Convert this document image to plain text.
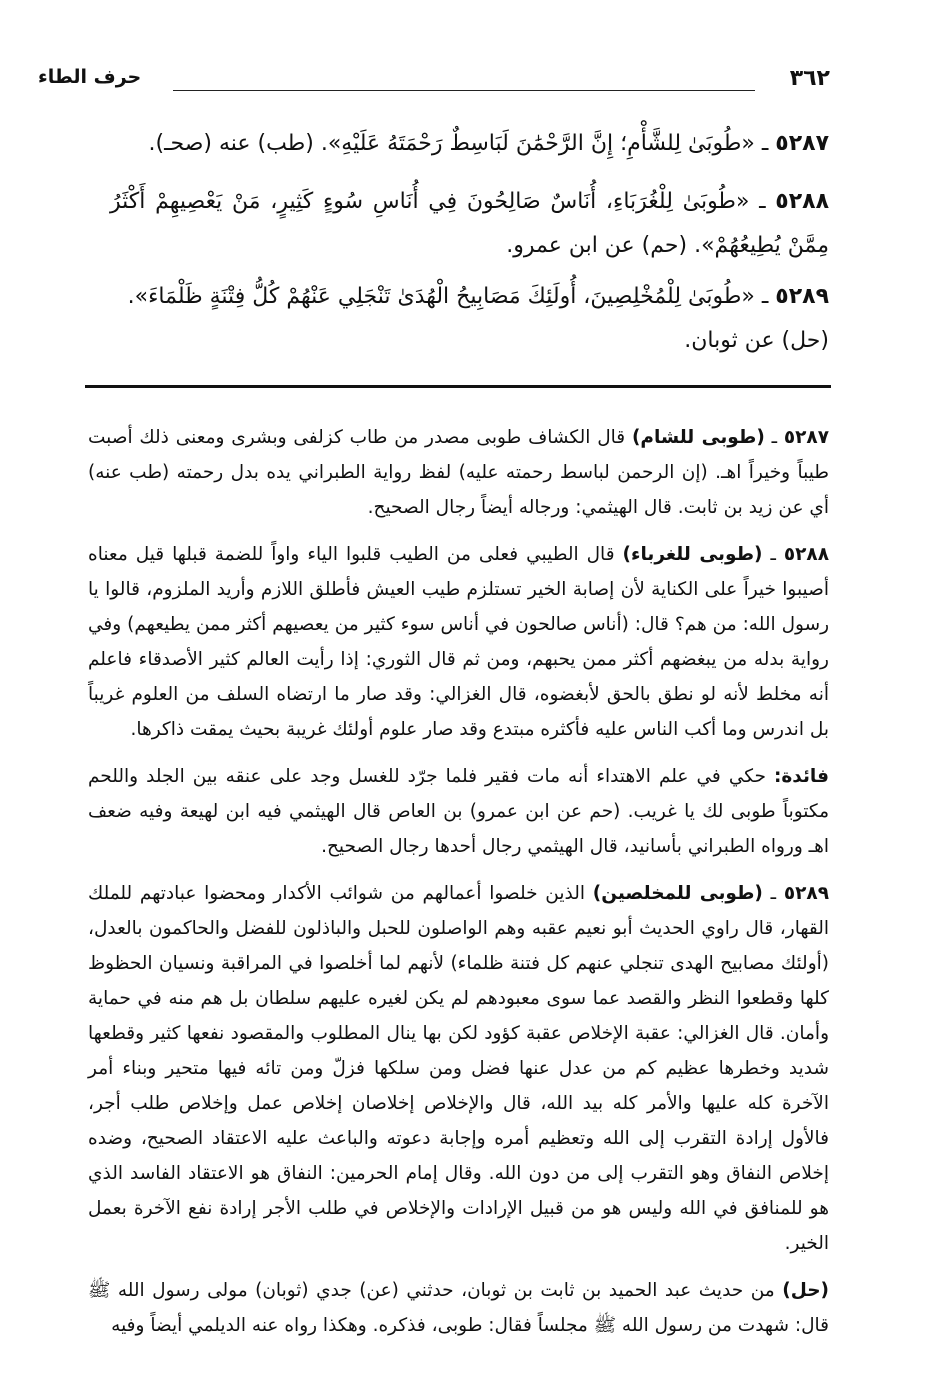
٣٦٢
حرف الطاء
٥٢٨٧ ـ «طُوبَىٰ لِلشَّأْمِ؛ إِنَّ الرَّحْمَٰنَ لَبَاسِطٌ رَحْمَتَهُ عَلَيْهِ». (طب) عنه (صحـ).
٥٢٨٨ ـ «طُوبَىٰ لِلْغُرَبَاءِ، أُنَاسٌ صَالِحُونَ فِي أُنَاسِ سُوءٍ كَثِيرٍ، مَنْ يَعْصِيهِمْ أَكْثَرُ مِمَّنْ يُطِيعُهُمْ». (حم) عن ابن عمرو.
٥٢٨٩ ـ «طُوبَىٰ لِلْمُخْلِصِينَ، أُولَئِكَ مَصَابِيحُ الْهُدَىٰ تَنْجَلِي عَنْهُمْ كُلُّ فِتْنَةٍ ظَلْمَاءَ».
(حل) عن ثوبان.

٥٢٨٧ ـ (طوبى للشام) قال الكشاف طوبى مصدر من طاب كزلفى وبشرى ومعنى ذلك أصبت طيباً وخيراً اهـ. (إن الرحمن لباسط رحمته عليه) لفظ رواية الطبراني يده بدل رحمته (طب عنه) أي عن زيد بن ثابت. قال الهيثمي: ورجاله أيضاً رجال الصحيح.

٥٢٨٨ ـ (طوبى للغرباء) قال الطيبي فعلى من الطيب قلبوا الياء واواً للضمة قبلها قيل معناه أصيبوا خيراً على الكناية لأن إصابة الخير تستلزم طيب العيش فأطلق اللازم وأريد الملزوم، قالوا يا رسول الله: من هم؟ قال: (أناس صالحون في أناس سوء كثير من يعصيهم أكثر ممن يطيعهم) وفي رواية بدله من يبغضهم أكثر ممن يحبهم، ومن ثم قال الثوري: إذا رأيت العالم كثير الأصدقاء فاعلم أنه مخلط لأنه لو نطق بالحق لأبغضوه، قال الغزالي: وقد صار ما ارتضاه السلف من العلوم غريباً بل اندرس وما أكب الناس عليه فأكثره مبتدع وقد صار علوم أولئك غريبة بحيث يمقت ذاكرها.

فائدة: حكي في علم الاهتداء أنه مات فقير فلما جرّد للغسل وجد على عنقه بين الجلد واللحم مكتوباً طوبى لك يا غريب. (حم عن ابن عمرو) بن العاص قال الهيثمي فيه ابن لهيعة وفيه ضعف اهـ ورواه الطبراني بأسانيد، قال الهيثمي رجال أحدها رجال الصحيح.

٥٢٨٩ ـ (طوبى للمخلصين) الذين خلصوا أعمالهم من شوائب الأكدار ومحضوا عبادتهم للملك القهار، قال راوي الحديث أبو نعيم عقبه وهم الواصلون للحبل والباذلون للفضل والحاكمون بالعدل، (أولئك مصابيح الهدى تنجلي عنهم كل فتنة ظلماء) لأنهم لما أخلصوا في المراقبة ونسيان الحظوظ كلها وقطعوا النظر والقصد عما سوى معبودهم لم يكن لغيره عليهم سلطان بل هم منه في حماية وأمان. قال الغزالي: عقبة الإخلاص عقبة كؤود لكن بها ينال المطلوب والمقصود نفعها كثير وقطعها شديد وخطرها عظيم كم من عدل عنها فضل ومن سلكها فزلّ ومن تائه فيها متحير وبناء أمر الآخرة كله عليها والأمر كله بيد الله، قال والإخلاص إخلاصان إخلاص عمل وإخلاص طلب أجر، فالأول إرادة التقرب إلى الله وتعظيم أمره وإجابة دعوته والباعث عليه الاعتقاد الصحيح، وضده إخلاص النفاق وهو التقرب إلى من دون الله. وقال إمام الحرمين: النفاق هو الاعتقاد الفاسد الذي هو للمنافق في الله وليس هو من قبيل الإرادات والإخلاص في طلب الأجر إرادة نفع الآخرة بعمل الخير.

(حل) من حديث عبد الحميد بن ثابت بن ثوبان، حدثني (عن) جدي (ثوبان) مولى رسول الله ﷺ قال: شهدت من رسول الله ﷺ مجلساً فقال: طوبى، فذكره. وهكذا رواه عنه الديلمي أيضاً وفيه
